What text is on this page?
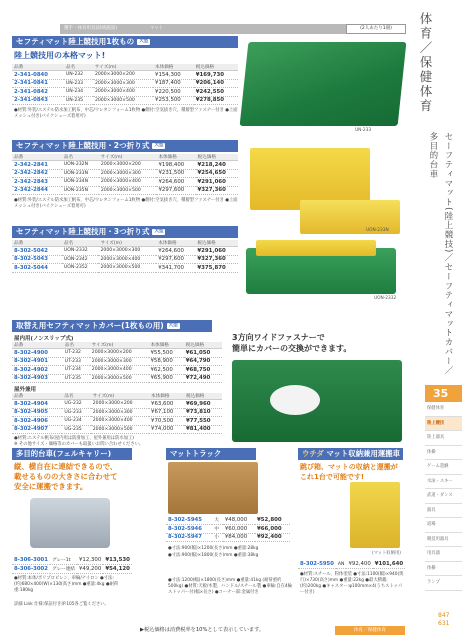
選手・体育用具(陸域施設)	マット	(2人あたり1冊)	体育／保健体育
セーフティマット(陸上競技)／セーフティマットカバー／
多目的台車
35
保健体育
陸上競技
陸上器具
体操
ゲーム遊戯
水泳・スキー
武道・ダンス
器具
道場
競技用器具
用具器
体操
ランプ
847
631
セフティマット陸上競技用1枚もの 大型
陸上競技用の本格マット!
品番	品名	サイズ(m)	本体価格	税込価格
2-341-0840	UN-232	2000×3000×200	¥154,300	¥169,730
2-341-0841	UN-233	2000×3000×300	¥187,400	¥206,140
2-341-0842	UN-234	2000×3000×400	¥220,500	¥242,550
2-341-0843	UN-235	2000×3000×500	¥253,500	¥278,850
●材質:外装/エステル防水加工帆布、中芯/ウレタンフォーム1枚物 ●側付:空気抜き穴、積層型ファスナー付き ●上面メッシュ付き(バイクシューズ着用可)
UN-233
セフティマット陸上競技用・2つ折り式 大型
品番	品名	サイズ(m)	本体価格	税込価格
2-342-2841	UON-232N	2000×3000×200	¥198,400	¥218,240
2-342-2842	UON-233N	2000×3000×300	¥231,500	¥254,650
2-342-2843	UON-234N	2000×3000×400	¥264,600	¥291,060
2-342-2844	UON-235N	2000×3000×500	¥297,600	¥327,360
●材質:外装/エステル防水加工帆布、中芯/ウレタンフォーム1枚物 ●側付:空気抜き穴、積層型ファスナー付き ●上面メッシュ付き(バイクシューズ着用可)
UON-233N
セフティマット陸上競技用・3つ折り式 大型
品番	品名	サイズ(m)	本体価格	税込価格
8-302-5042	UON-2332	2000×3000×300	¥264,600	¥291,060
8-302-5043	UON-2342	2000×3000×400	¥297,600	¥327,360
8-302-5044	UON-2352	2000×3000×500	¥341,700	¥375,870
UON-2332
取替え用セフティマットカバー(1枚もの用) 大型
屋内用(ノンスリップ式)
品番	品名	サイズ(m)	本体価格	税込価格
8-302-4900	UT-232	2000×3000×200	¥55,500	¥61,050
8-302-4901	UT-233	2000×3000×300	¥58,900	¥64,790
8-302-4902	UT-234	2000×3000×400	¥62,500	¥68,750
8-302-4903	UT-235	2000×3000×500	¥65,900	¥72,490
屋外兼用
品番	品名	サイズ(m)	本体価格	税込価格
8-302-4904	UG-232	2000×3000×200	¥63,600	¥69,960
8-302-4905	UG-233	2000×3000×300	¥67,100	¥73,810
8-302-4906	UG-234	2000×3000×400	¥70,500	¥77,550
8-302-4907	UG-235	2000×3000×500	¥74,000	¥81,400
●材質:エステル帆布(屋内用は防滑加工、屋外兼用は防水加工)
※ その他サイズ・価格等のカバーも取扱いお問い合わせください。
3方向ワイドファスナーで
簡単にカバーの交換ができます。
多目的台車(フェルキャリー)
縦、横自在に連結できるので、
載せるものの大きさに合わせて
安全に運搬できます。
8-306-3001	グレー1t	¥12,300	¥13,530
8-306-3002	グレー連結	¥49,200	¥54,120
●材質:本体/ポリプロピレン、車輪/ナイロン ●寸法:(約)680×400(W)×130(高さ)mm ●重量:4kg ●耐荷重:180kg
詳細 Link 仕様:保証付き(P.105各ご覧ください。
マットトラック
8-302-5945	大	¥48,000	¥52,800
8-302-5946	中	¥60,000	¥66,000
8-302-5947	小	¥84,000	¥92,400
●寸法:900(幅)×1200(長さ)mm ●重量:28kg
●寸法:900(幅)×1800(長さ)mm ●重量:38kg
●寸法:1200(幅)×1800(長さ)mm ●重量:41kg (耐荷重約500kg) ●材質:天板/木製、ハンドル/スチール製 ●車輪:自在4輪ストッパー付(幅×長さ) ●コーナー部:金属付き
ウチダ マット収納兼用運搬車
跳び箱、マットの収納と運搬が
これ1台で可能です!
(マット収納用)
8-302-5950	AN	¥92,400	¥101,640
●材質:スチール、粉体塗装 ●寸法:1100(幅)×940(奥行)×730(高さ)mm ●重量:22kg ●最大積載:(約)200kg ●キャスター:φ100mm×4(うちストッパー付き)
▶税込価格は消費税率を10%として表示しています。	体育／保健体育
